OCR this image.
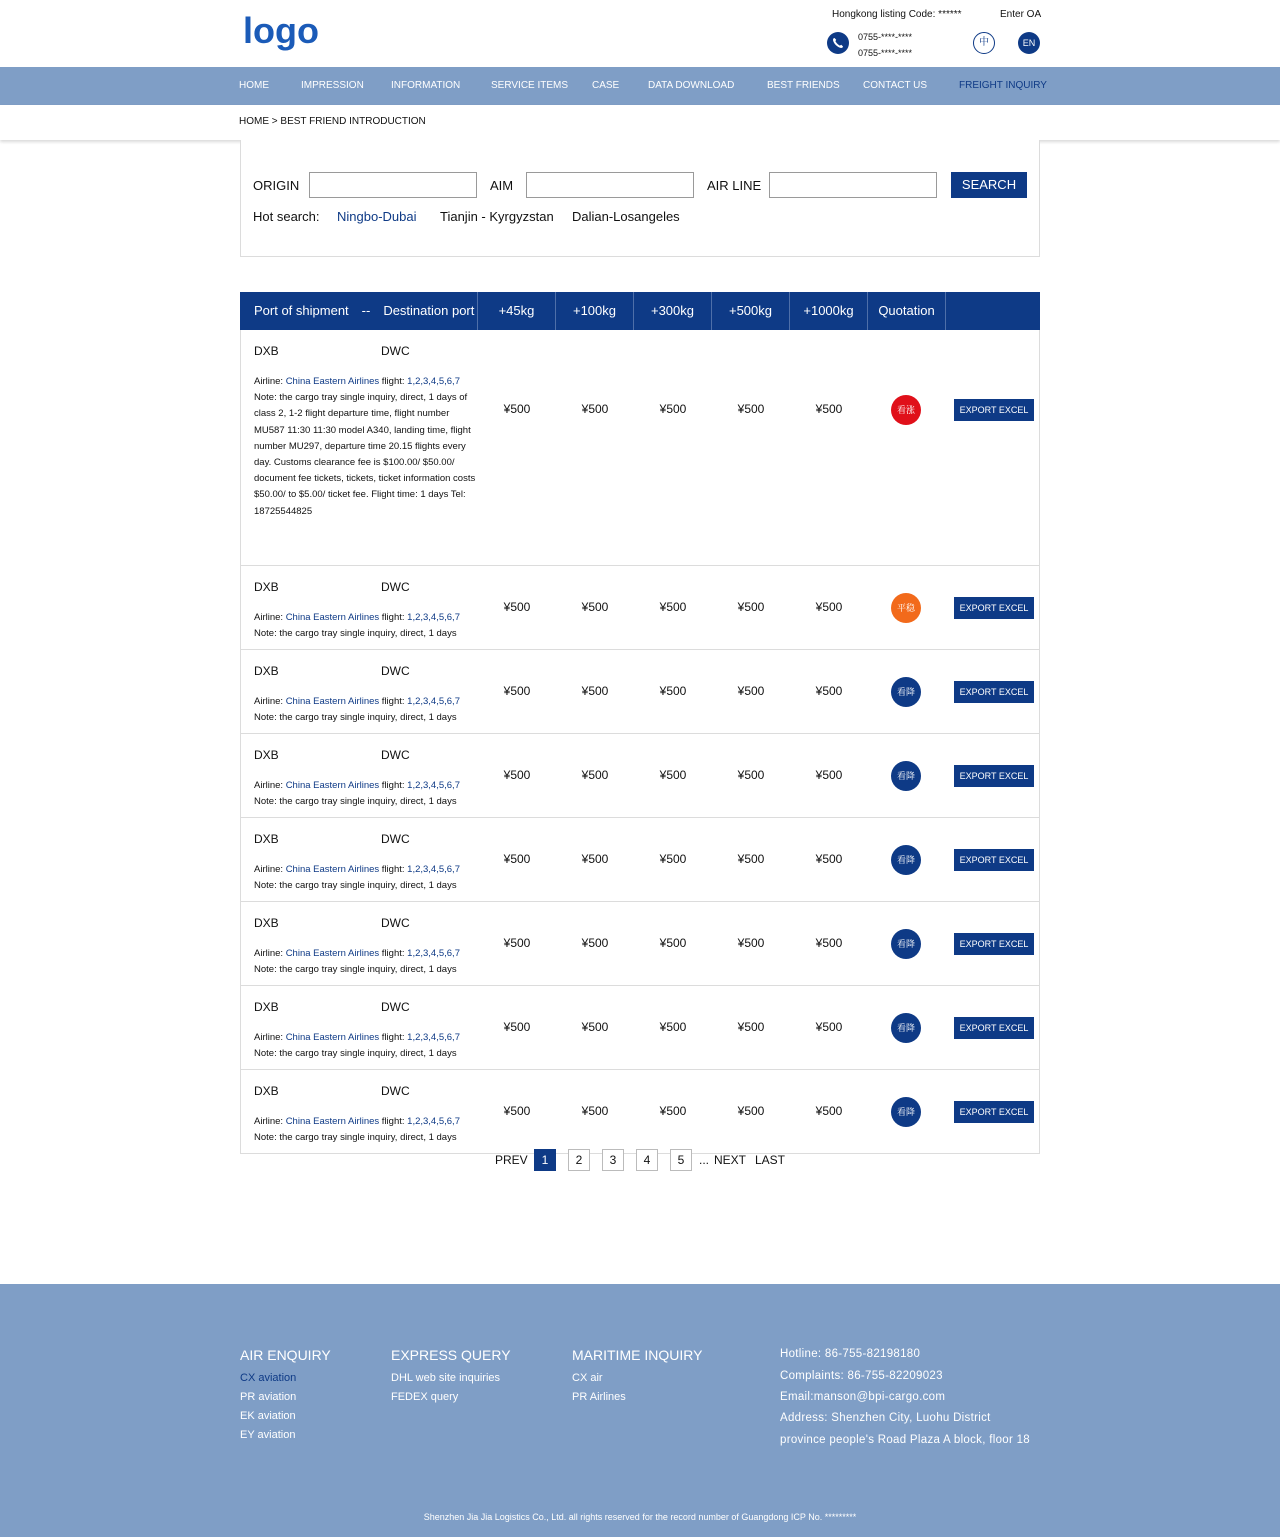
logo	Hongkong listing Code: ******	Enter OA
0755-****-****
0755-****-****
中	EN
HOME	IMPRESSION	INFORMATION	SERVICE ITEMS CASE	DATA DOWNLOAD	BEST FRIENDS CONTACT US	FREIGHT INQUIRY
HOME > BEST FRIEND INTRODUCTION
ORIGIN	AIM	AIR LINE	SEARCH
Hot search: Ningbo-Dubai Tianjin - Kyrgyzstan Dalian-Losangeles
Port of shipment　--　Destination port	+45kg	+100kg	+300kg	+500kg	+1000kg	Quotation
DXB	DWC
Airline: China Eastern Airlines flight: 1,2,3,4,5,6,7
Note: the cargo tray single inquiry, direct, 1 days of class 2, 1-2 flight departure time, flight number MU587 11:30 11:30 model A340, landing time, flight number MU297, departure time 20.15 flights every day. Customs clearance fee is $100.00/ $50.00/ document fee tickets, tickets, ticket information costs $50.00/ to $5.00/ ticket fee. Flight time: 1 days Tel: 18725544825
¥500	¥500	¥500	¥500	¥500	看涨	EXPORT EXCEL
DXB	DWC
Airline: China Eastern Airlines flight: 1,2,3,4,5,6,7
Note: the cargo tray single inquiry, direct, 1 days
¥500	¥500	¥500	¥500	¥500	平稳	EXPORT EXCEL
DXB	DWC
Airline: China Eastern Airlines flight: 1,2,3,4,5,6,7
Note: the cargo tray single inquiry, direct, 1 days
¥500	¥500	¥500	¥500	¥500	看降	EXPORT EXCEL
DXB	DWC
Airline: China Eastern Airlines flight: 1,2,3,4,5,6,7
Note: the cargo tray single inquiry, direct, 1 days
¥500	¥500	¥500	¥500	¥500	看降	EXPORT EXCEL
DXB	DWC
Airline: China Eastern Airlines flight: 1,2,3,4,5,6,7
Note: the cargo tray single inquiry, direct, 1 days
¥500	¥500	¥500	¥500	¥500	看降	EXPORT EXCEL
DXB	DWC
Airline: China Eastern Airlines flight: 1,2,3,4,5,6,7
Note: the cargo tray single inquiry, direct, 1 days
¥500	¥500	¥500	¥500	¥500	看降	EXPORT EXCEL
DXB	DWC
Airline: China Eastern Airlines flight: 1,2,3,4,5,6,7
Note: the cargo tray single inquiry, direct, 1 days
¥500	¥500	¥500	¥500	¥500	看降	EXPORT EXCEL
DXB	DWC
Airline: China Eastern Airlines flight: 1,2,3,4,5,6,7
Note: the cargo tray single inquiry, direct, 1 days
¥500	¥500	¥500	¥500	¥500	看降	EXPORT EXCEL
PREV	1	2	3	4	5	... NEXT LAST
AIR ENQUIRY
CX aviation
PR aviation
EK aviation
EY aviation
EXPRESS QUERY
DHL web site inquiries
FEDEX query
MARITIME INQUIRY
CX air
PR Airlines
Hotline: 86-755-82198180
Complaints: 86-755-82209023
Email:manson@bpi-cargo.com
Address: Shenzhen City, Luohu District
province people's Road Plaza A block, floor 18
Shenzhen Jia Jia Logistics Co., Ltd. all rights reserved for the record number of Guangdong ICP No. *********
